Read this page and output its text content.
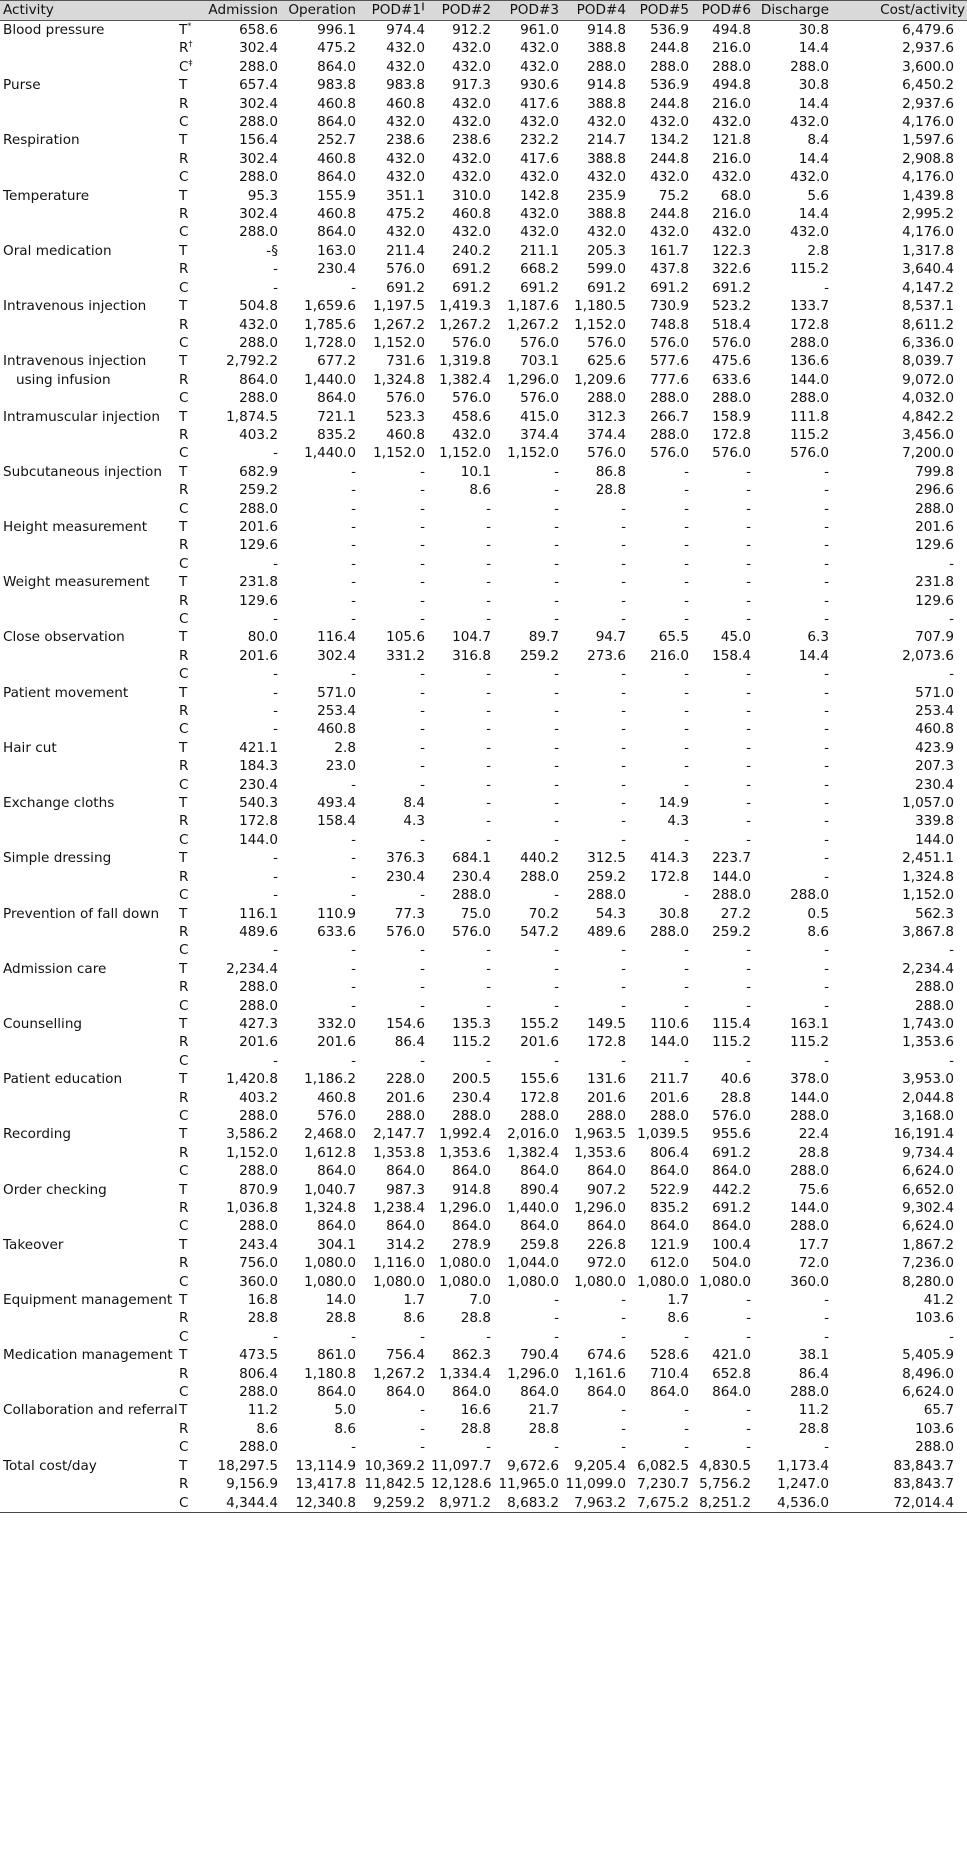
Activity		Admission	Operation	POD#1∥	POD#2	POD#3	POD#4	POD#5	POD#6	Discharge	Cost/activity
Blood pressure	T*	658.6	996.1	974.4	912.2	961.0	914.8	536.9	494.8	30.8	6,479.6
	R†	302.4	475.2	432.0	432.0	432.0	388.8	244.8	216.0	14.4	2,937.6
	C‡	288.0	864.0	432.0	432.0	432.0	288.0	288.0	288.0	288.0	3,600.0
Purse	T	657.4	983.8	983.8	917.3	930.6	914.8	536.9	494.8	30.8	6,450.2
	R	302.4	460.8	460.8	432.0	417.6	388.8	244.8	216.0	14.4	2,937.6
	C	288.0	864.0	432.0	432.0	432.0	432.0	432.0	432.0	432.0	4,176.0
Respiration	T	156.4	252.7	238.6	238.6	232.2	214.7	134.2	121.8	8.4	1,597.6
	R	302.4	460.8	432.0	432.0	417.6	388.8	244.8	216.0	14.4	2,908.8
	C	288.0	864.0	432.0	432.0	432.0	432.0	432.0	432.0	432.0	4,176.0
Temperature	T	95.3	155.9	351.1	310.0	142.8	235.9	75.2	68.0	5.6	1,439.8
	R	302.4	460.8	475.2	460.8	432.0	388.8	244.8	216.0	14.4	2,995.2
	C	288.0	864.0	432.0	432.0	432.0	432.0	432.0	432.0	432.0	4,176.0
Oral medication	T	-§	163.0	211.4	240.2	211.1	205.3	161.7	122.3	2.8	1,317.8
	R	-	230.4	576.0	691.2	668.2	599.0	437.8	322.6	115.2	3,640.4
	C	-	-	691.2	691.2	691.2	691.2	691.2	691.2	-	4,147.2
Intravenous injection	T	504.8	1,659.6	1,197.5	1,419.3	1,187.6	1,180.5	730.9	523.2	133.7	8,537.1
	R	432.0	1,785.6	1,267.2	1,267.2	1,267.2	1,152.0	748.8	518.4	172.8	8,611.2
	C	288.0	1,728.0	1,152.0	576.0	576.0	576.0	576.0	576.0	288.0	6,336.0
Intravenous injection	T	2,792.2	677.2	731.6	1,319.8	703.1	625.6	577.6	475.6	136.6	8,039.7
using infusion	R	864.0	1,440.0	1,324.8	1,382.4	1,296.0	1,209.6	777.6	633.6	144.0	9,072.0
	C	288.0	864.0	576.0	576.0	576.0	288.0	288.0	288.0	288.0	4,032.0
Intramuscular injection	T	1,874.5	721.1	523.3	458.6	415.0	312.3	266.7	158.9	111.8	4,842.2
	R	403.2	835.2	460.8	432.0	374.4	374.4	288.0	172.8	115.2	3,456.0
	C	-	1,440.0	1,152.0	1,152.0	1,152.0	576.0	576.0	576.0	576.0	7,200.0
Subcutaneous injection	T	682.9	-	-	10.1	-	86.8	-	-	-	799.8
	R	259.2	-	-	8.6	-	28.8	-	-	-	296.6
	C	288.0	-	-	-	-	-	-	-	-	288.0
Height measurement	T	201.6	-	-	-	-	-	-	-	-	201.6
	R	129.6	-	-	-	-	-	-	-	-	129.6
	C	-	-	-	-	-	-	-	-	-	-
Weight measurement	T	231.8	-	-	-	-	-	-	-	-	231.8
	R	129.6	-	-	-	-	-	-	-	-	129.6
	C	-	-	-	-	-	-	-	-	-	-
Close observation	T	80.0	116.4	105.6	104.7	89.7	94.7	65.5	45.0	6.3	707.9
	R	201.6	302.4	331.2	316.8	259.2	273.6	216.0	158.4	14.4	2,073.6
	C	-	-	-	-	-	-	-	-	-	-
Patient movement	T	-	571.0	-	-	-	-	-	-	-	571.0
	R	-	253.4	-	-	-	-	-	-	-	253.4
	C	-	460.8	-	-	-	-	-	-	-	460.8
Hair cut	T	421.1	2.8	-	-	-	-	-	-	-	423.9
	R	184.3	23.0	-	-	-	-	-	-	-	207.3
	C	230.4	-	-	-	-	-	-	-	-	230.4
Exchange cloths	T	540.3	493.4	8.4	-	-	-	14.9	-	-	1,057.0
	R	172.8	158.4	4.3	-	-	-	4.3	-	-	339.8
	C	144.0	-	-	-	-	-	-	-	-	144.0
Simple dressing	T	-	-	376.3	684.1	440.2	312.5	414.3	223.7	-	2,451.1
	R	-	-	230.4	230.4	288.0	259.2	172.8	144.0	-	1,324.8
	C	-	-	-	288.0	-	288.0	-	288.0	288.0	1,152.0
Prevention of fall down	T	116.1	110.9	77.3	75.0	70.2	54.3	30.8	27.2	0.5	562.3
	R	489.6	633.6	576.0	576.0	547.2	489.6	288.0	259.2	8.6	3,867.8
	C	-	-	-	-	-	-	-	-	-	-
Admission care	T	2,234.4	-	-	-	-	-	-	-	-	2,234.4
	R	288.0	-	-	-	-	-	-	-	-	288.0
	C	288.0	-	-	-	-	-	-	-	-	288.0
Counselling	T	427.3	332.0	154.6	135.3	155.2	149.5	110.6	115.4	163.1	1,743.0
	R	201.6	201.6	86.4	115.2	201.6	172.8	144.0	115.2	115.2	1,353.6
	C	-	-	-	-	-	-	-	-	-	-
Patient education	T	1,420.8	1,186.2	228.0	200.5	155.6	131.6	211.7	40.6	378.0	3,953.0
	R	403.2	460.8	201.6	230.4	172.8	201.6	201.6	28.8	144.0	2,044.8
	C	288.0	576.0	288.0	288.0	288.0	288.0	288.0	576.0	288.0	3,168.0
Recording	T	3,586.2	2,468.0	2,147.7	1,992.4	2,016.0	1,963.5	1,039.5	955.6	22.4	16,191.4
	R	1,152.0	1,612.8	1,353.8	1,353.6	1,382.4	1,353.6	806.4	691.2	28.8	9,734.4
	C	288.0	864.0	864.0	864.0	864.0	864.0	864.0	864.0	288.0	6,624.0
Order checking	T	870.9	1,040.7	987.3	914.8	890.4	907.2	522.9	442.2	75.6	6,652.0
	R	1,036.8	1,324.8	1,238.4	1,296.0	1,440.0	1,296.0	835.2	691.2	144.0	9,302.4
	C	288.0	864.0	864.0	864.0	864.0	864.0	864.0	864.0	288.0	6,624.0
Takeover	T	243.4	304.1	314.2	278.9	259.8	226.8	121.9	100.4	17.7	1,867.2
	R	756.0	1,080.0	1,116.0	1,080.0	1,044.0	972.0	612.0	504.0	72.0	7,236.0
	C	360.0	1,080.0	1,080.0	1,080.0	1,080.0	1,080.0	1,080.0	1,080.0	360.0	8,280.0
Equipment management	T	16.8	14.0	1.7	7.0	-	-	1.7	-	-	41.2
	R	28.8	28.8	8.6	28.8	-	-	8.6	-	-	103.6
	C	-	-	-	-	-	-	-	-	-	-
Medication management	T	473.5	861.0	756.4	862.3	790.4	674.6	528.6	421.0	38.1	5,405.9
	R	806.4	1,180.8	1,267.2	1,334.4	1,296.0	1,161.6	710.4	652.8	86.4	8,496.0
	C	288.0	864.0	864.0	864.0	864.0	864.0	864.0	864.0	288.0	6,624.0
Collaboration and referral	T	11.2	5.0	-	16.6	21.7	-	-	-	11.2	65.7
	R	8.6	8.6	-	28.8	28.8	-	-	-	28.8	103.6
	C	288.0	-	-	-	-	-	-	-	-	288.0
Total cost/day	T	18,297.5	13,114.9	10,369.2	11,097.7	9,672.6	9,205.4	6,082.5	4,830.5	1,173.4	83,843.7
	R	9,156.9	13,417.8	11,842.5	12,128.6	11,965.0	11,099.0	7,230.7	5,756.2	1,247.0	83,843.7
	C	4,344.4	12,340.8	9,259.2	8,971.2	8,683.2	7,963.2	7,675.2	8,251.2	4,536.0	72,014.4
